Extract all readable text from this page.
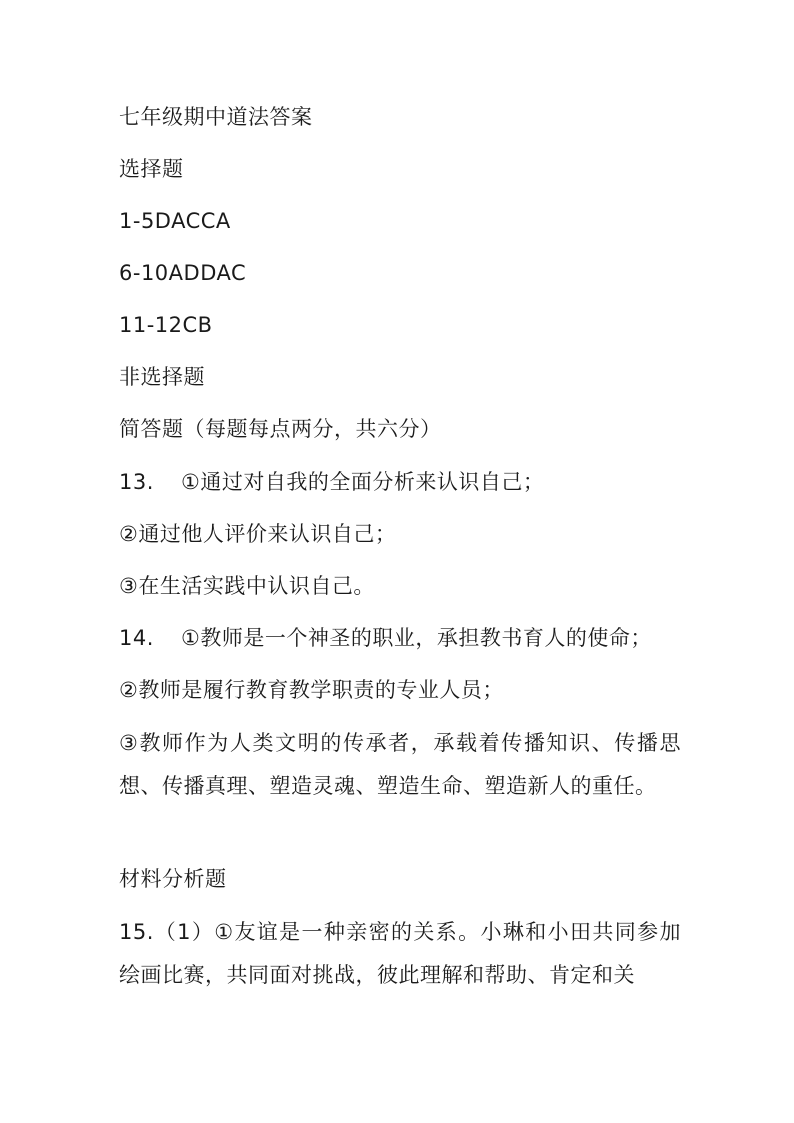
七年级期中道法答案
选择题
1-5DACCA
6-10ADDAC
11-12CB
非选择题
简答题（每题每点两分，共六分）
13. ①通过对自我的全面分析来认识自己；
②通过他人评价来认识自己；
③在生活实践中认识自己。
14. ①教师是一个神圣的职业，承担教书育人的使命；
②教师是履行教育教学职责的专业人员；
③教师作为人类文明的传承者，承载着传播知识、传播思想、传播真理、塑造灵魂、塑造生命、塑造新人的重任。
材料分析题
15.（1）①友谊是一种亲密的关系。小琳和小田共同参加绘画比赛，共同面对挑战，彼此理解和帮助、肯定和关
